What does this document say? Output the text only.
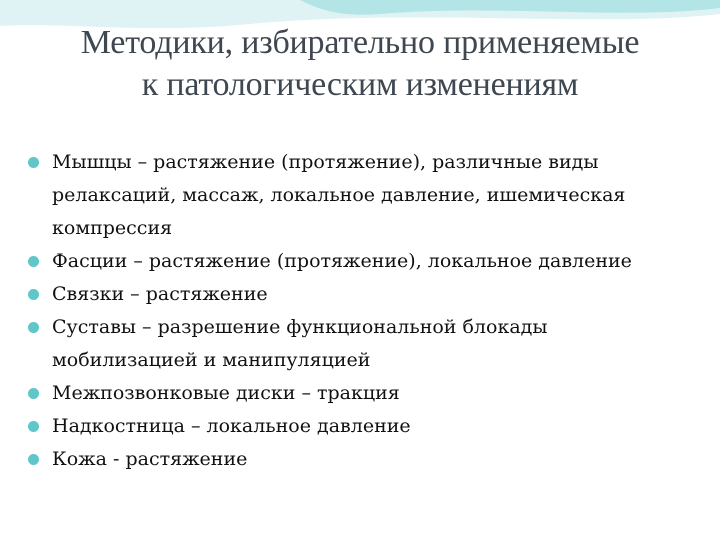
Методики, избирательно применяемые
к патологическим изменениям
Мышцы – растяжение (протяжение), различные виды
релаксаций, массаж, локальное давление, ишемическая
компрессия
Фасции – растяжение (протяжение), локальное давление
Связки – растяжение
Суставы – разрешение функциональной блокады
мобилизацией и манипуляцией
Межпозвонковые диски – тракция
Надкостница – локальное давление
Кожа - растяжение
